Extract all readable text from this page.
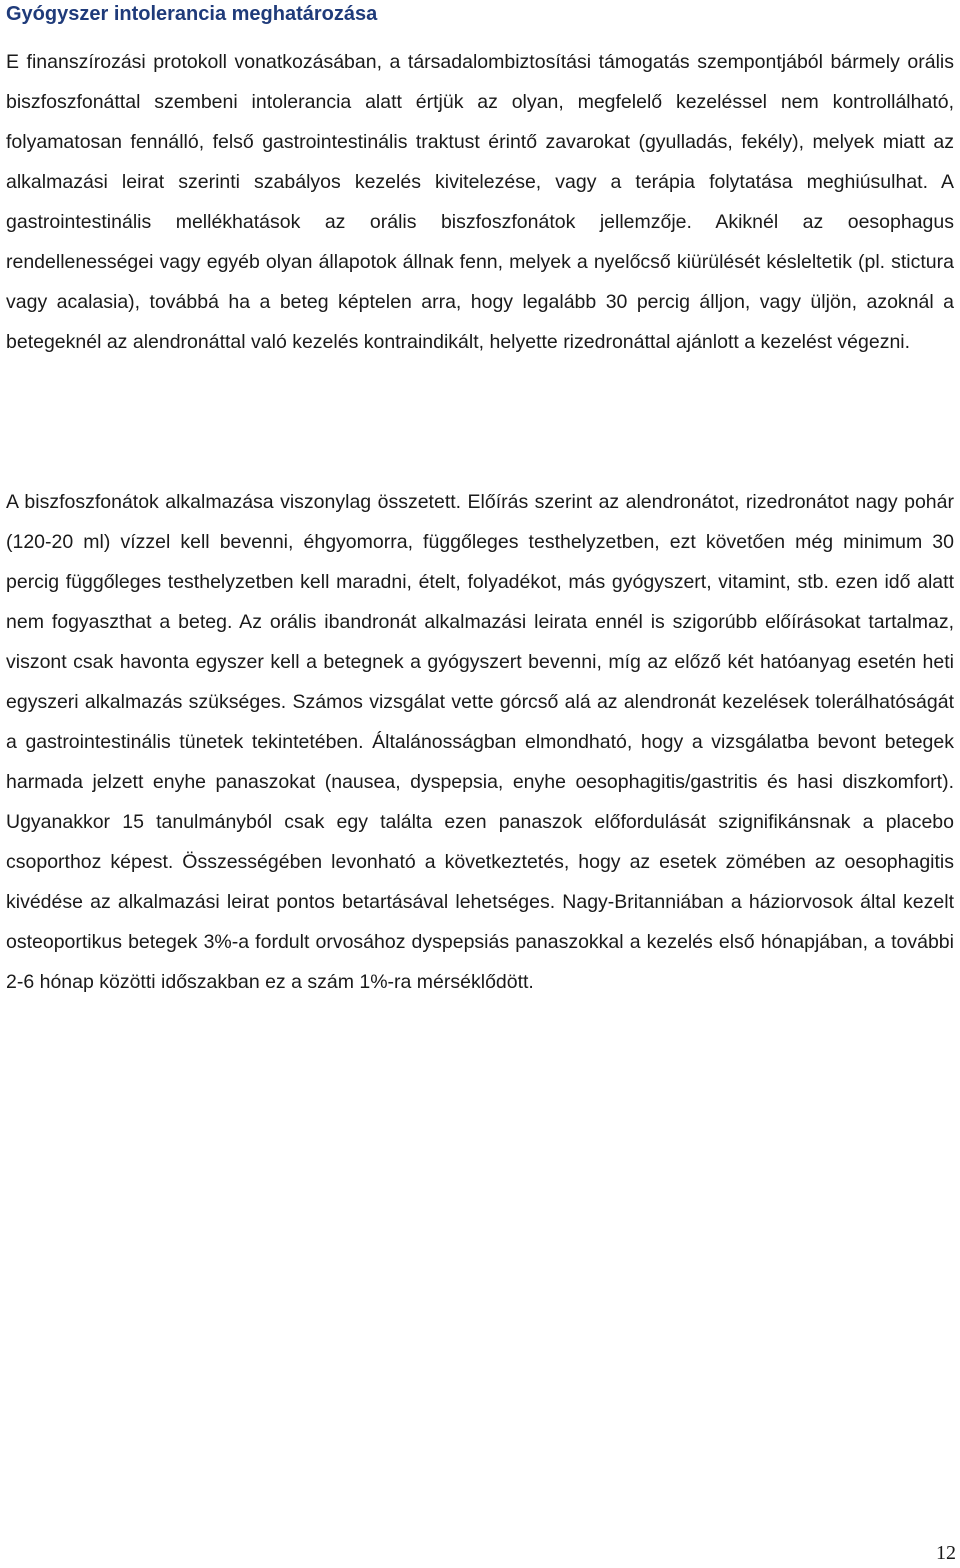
Gyógyszer intolerancia meghatározása

E finanszírozási protokoll vonatkozásában, a társadalombiztosítási támogatás szempontjából bármely orális biszfoszfonáttal szembeni intolerancia alatt értjük az olyan, megfelelő kezeléssel nem kontrollálható, folyamatosan fennálló, felső gastrointestinális traktust érintő zavarokat (gyulladás, fekély), melyek miatt az alkalmazási leirat szerinti szabályos kezelés kivitelezése, vagy a terápia folytatása meghiúsulhat. A gastrointestinális mellékhatások az orális biszfoszfonátok jellemzője. Akiknél az oesophagus rendellenességei vagy egyéb olyan állapotok állnak fenn, melyek a nyelőcső kiürülését késleltetik (pl. stictura vagy acalasia), továbbá ha a beteg képtelen arra, hogy legalább 30 percig álljon, vagy üljön, azoknál a betegeknél az alendronáttal való kezelés kontraindikált, helyette rizedronáttal ajánlott a kezelést végezni.

A biszfoszfonátok alkalmazása viszonylag összetett. Előírás szerint az alendronátot, rizedronátot nagy pohár (120-20 ml) vízzel kell bevenni, éhgyomorra, függőleges testhelyzetben, ezt követően még minimum 30 percig függőleges testhelyzetben kell maradni, ételt, folyadékot, más gyógyszert, vitamint, stb. ezen idő alatt nem fogyaszthat a beteg. Az orális ibandronát alkalmazási leirata ennél is szigorúbb előírásokat tartalmaz, viszont csak havonta egyszer kell a betegnek a gyógyszert bevenni, míg az előző két hatóanyag esetén heti egyszeri alkalmazás szükséges. Számos vizsgálat vette górcső alá az alendronát kezelések tolerálhatóságát a gastrointestinális tünetek tekintetében. Általánosságban elmondható, hogy a vizsgálatba bevont betegek harmada jelzett enyhe panaszokat (nausea, dyspepsia, enyhe oesophagitis/gastritis és hasi diszkomfort). Ugyanakkor 15 tanulmányból csak egy találta ezen panaszok előfordulását szignifikánsnak a placebo csoporthoz képest. Összességében levonható a következtetés, hogy az esetek zömében az oesophagitis kivédése az alkalmazási leirat pontos betartásával lehetséges. Nagy-Britanniában a háziorvosok által kezelt osteoportikus betegek 3%-a fordult orvosához dyspepsiás panaszokkal a kezelés első hónapjában, a további 2-6 hónap közötti időszakban ez a szám 1%-ra mérséklődött.

12
